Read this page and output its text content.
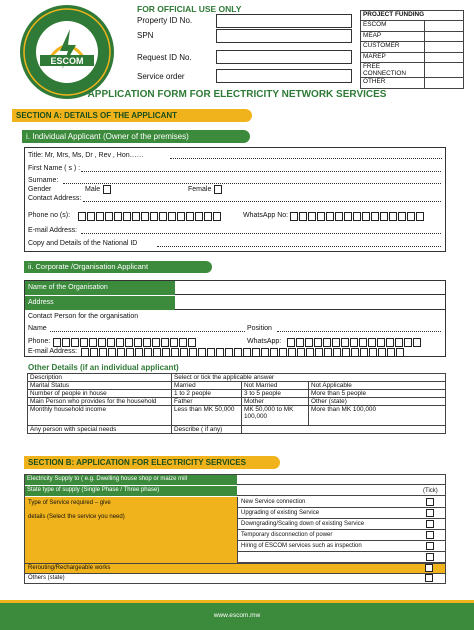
ESCOM
FOR OFFICIAL USE ONLY
Property ID No.
SPN
Request ID No.
Service order
PROJECT FUNDING	
ESCOM	
MEAP	
CUSTOMER	
MAREP	
FREE CONNECTION	
OTHER	
APPLICATION FORM FOR ELECTRICITY NETWORK SERVICES
SECTION A: DETAILS OF THE APPLICANT
i. Individual Applicant (Owner of the premises)
Title: Mr, Mrs, Ms, Dr , Rev , Hon……
First Name ( s ) :
Surname:
Gender	Male	Female
Contact Address:
Phone no (s):	WhatsApp No:
E-mail Address:
Copy and Details of the National ID
ii. Corporate /Organisation Applicant
Name of the Organisation
Address
Contact Person for the organisation
Name	Position
Phone:	WhatsApp:
E-mail Address:
Other Details (if an individual applicant)
Description	Select or tick the applicable answer		
Marital Status	Married	Not Married	Not Applicable
Number of people in house	1 to 2 people	3 to 5 people	More than 5 people
Main Person who provides for the household	Father	Mother	Other (state)
Monthly household income	Less than MK 50,000	MK 50,000 to MK 100,000	More than MK 100,000
Any person with special needs	Describe ( if any)		
SECTION B: APPLICATION FOR ELECTRICITY SERVICES
Electricity Supply to ( e.g. Dwelling house shop or maize mill
State type of supply (Single Phase / Three phase)	(Tick)
Type of Service required – give
details (Select the service you need)
New Service connection
Upgrading of existing Service
Downgrading/Scaling down of existing Service
Temporary disconnection of power
Hiring of ESCOM services such as inspection
Rerouting/Rechargeable works
Others (state)
www.escom.mw
